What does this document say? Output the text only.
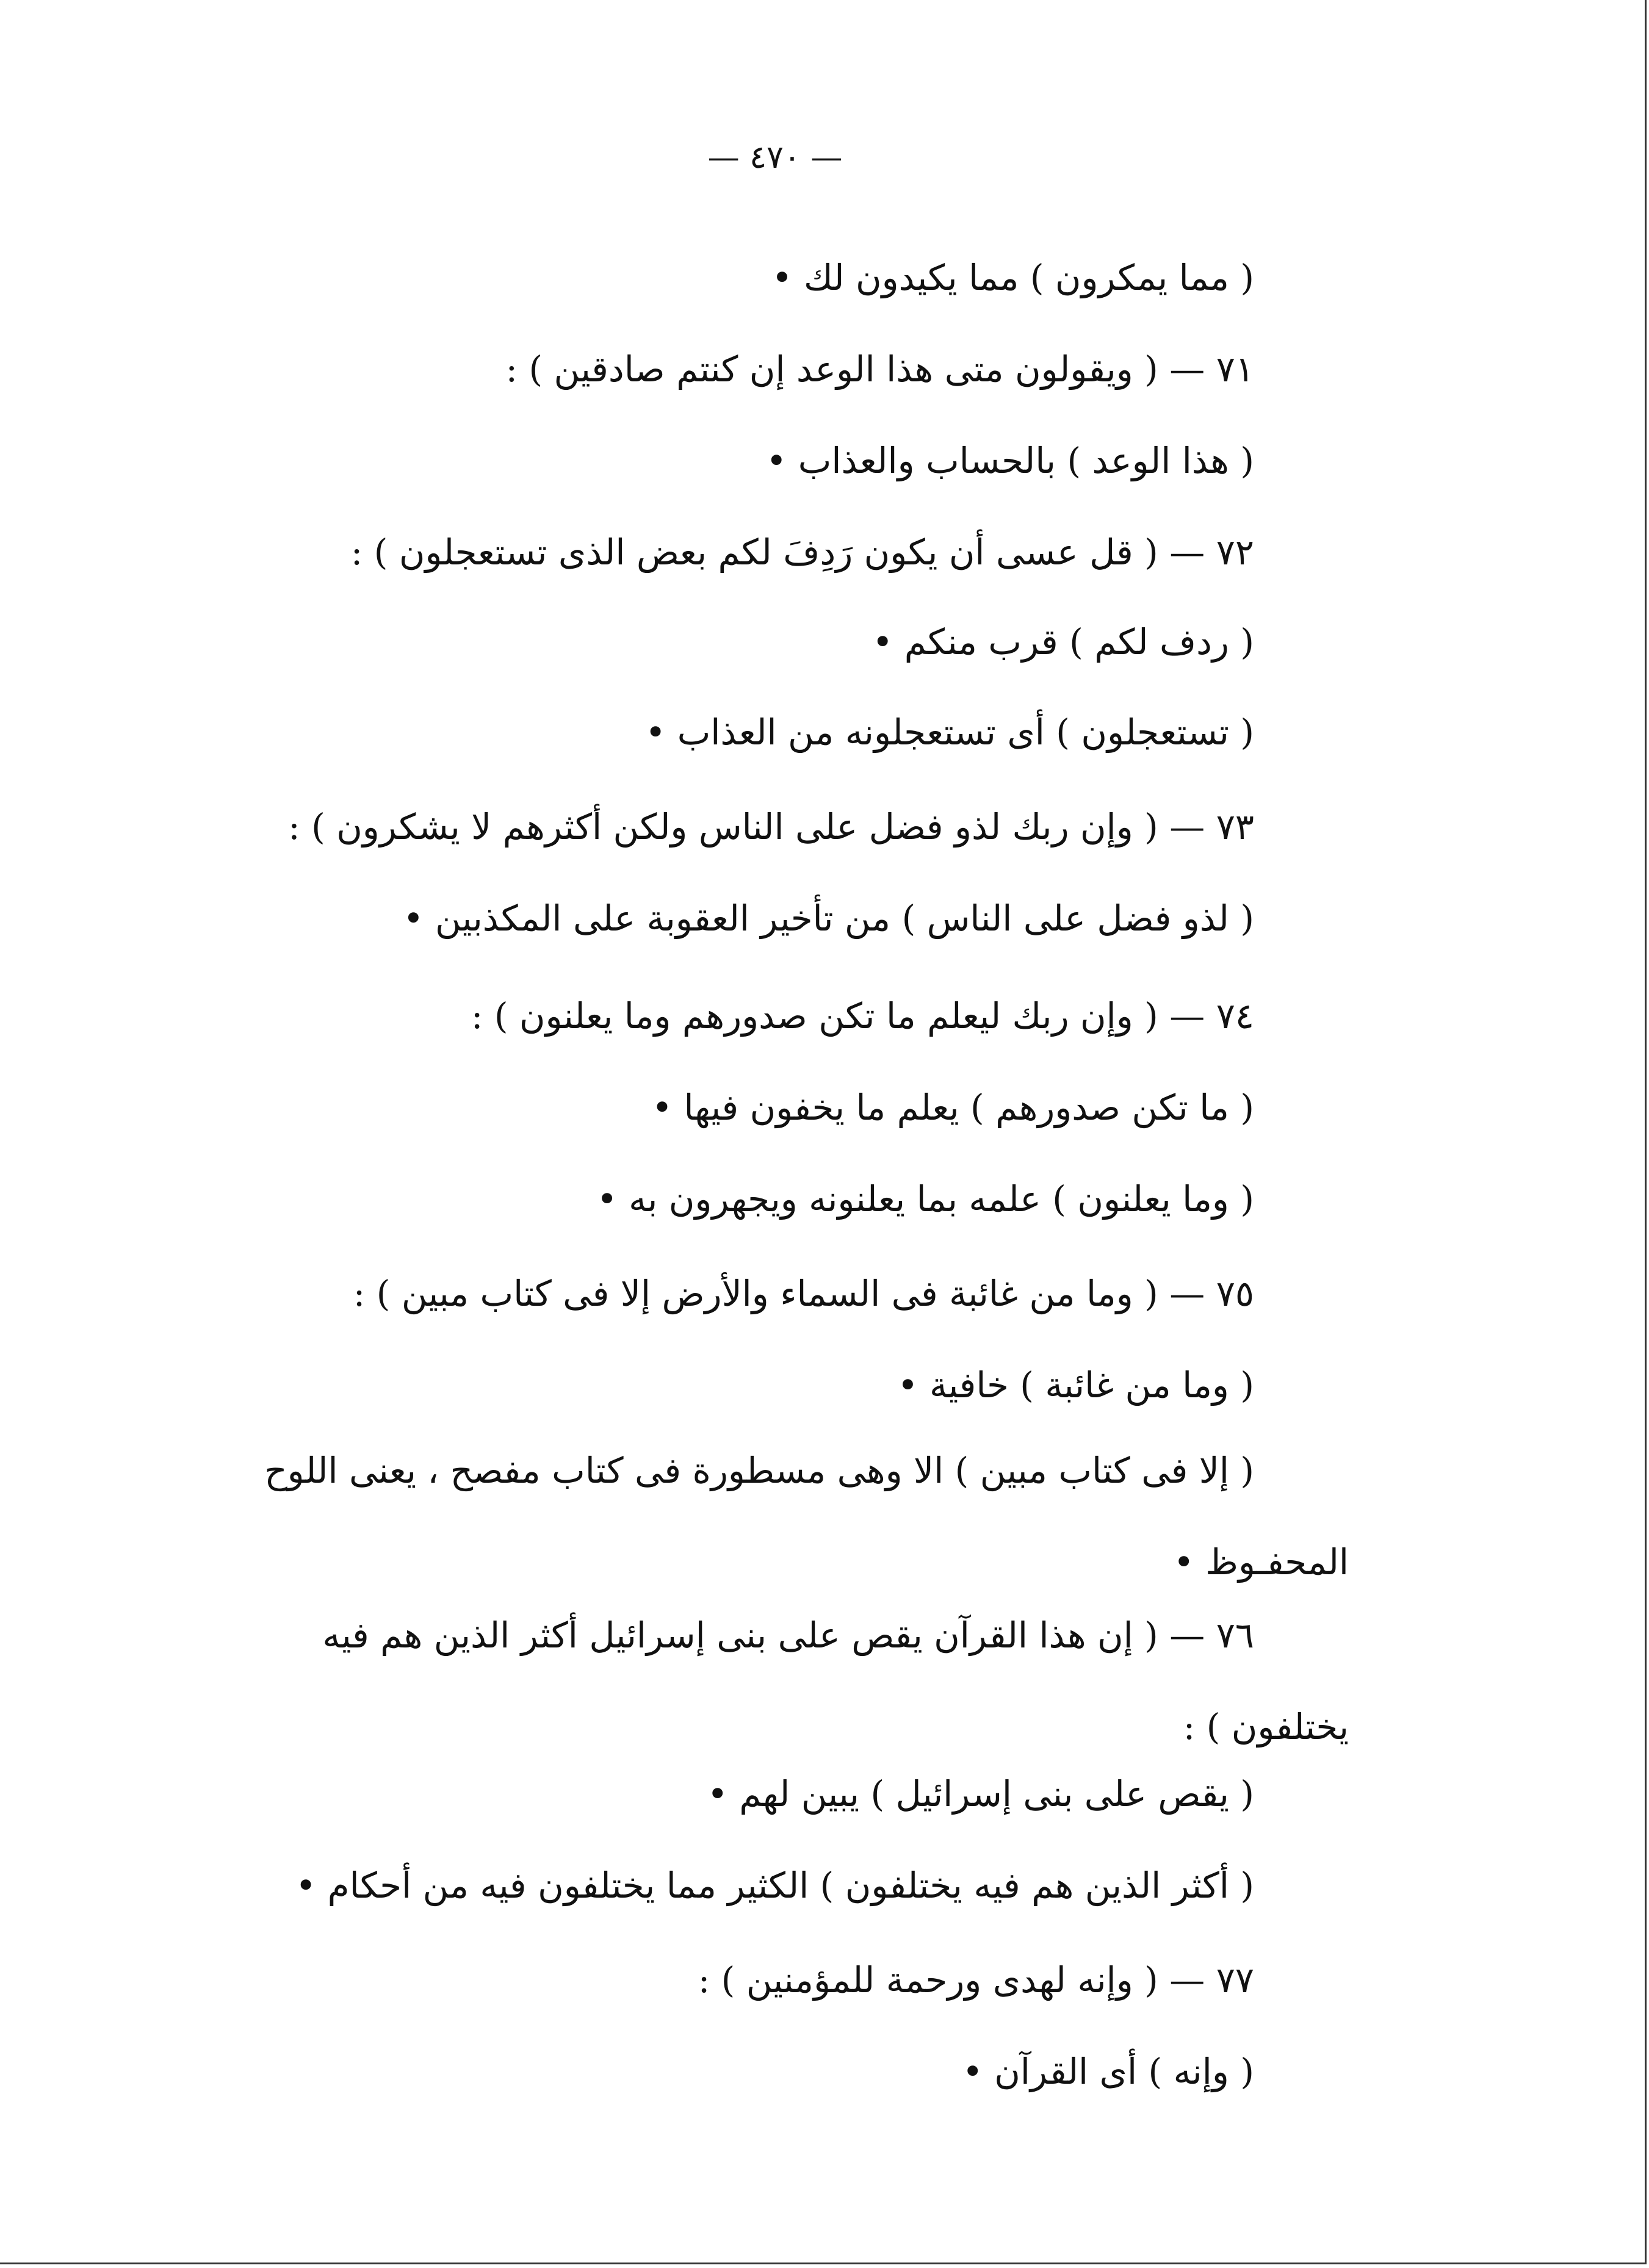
— ٤٧٠ —
( مما يمكرون ) مما يكيدون لك •
٧١ — ( ويقولون متى هذا الوعد إن كنتم صادقين ) :
( هذا الوعد ) بالحساب والعذاب •
٧٢ — ( قل عسى أن يكون رَدِفَ لكم بعض الذى تستعجلون ) :
( ردف لكم ) قرب منكم •
( تستعجلون ) أى تستعجلونه من العذاب •
٧٣ — ( وإن ربك لذو فضل على الناس ولكن أكثرهم لا يشكرون ) :
( لذو فضل على الناس ) من تأخير العقوبة على المكذبين •
٧٤ — ( وإن ربك ليعلم ما تكن صدورهم وما يعلنون ) :
( ما تكن صدورهم ) يعلم ما يخفون فيها •
( وما يعلنون ) علمه بما يعلنونه ويجهرون به •
٧٥ — ( وما من غائبة فى السماء والأرض إلا فى كتاب مبين ) :
( وما من غائبة ) خافية •
( إلا فى كتاب مبين ) الا وهى مسطورة فى كتاب مفصح ، يعنى اللوح
المحفـوظ •
٧٦ — ( إن هذا القرآن يقص على بنى إسرائيل أكثر الذين هم فيه
يختلفون ) :
( يقص على بنى إسرائيل ) يبين لهم •
( أكثر الذين هم فيه يختلفون ) الكثير مما يختلفون فيه من أحكام •
٧٧ — ( وإنه لهدى ورحمة للمؤمنين ) :
( وإنه ) أى القرآن •
